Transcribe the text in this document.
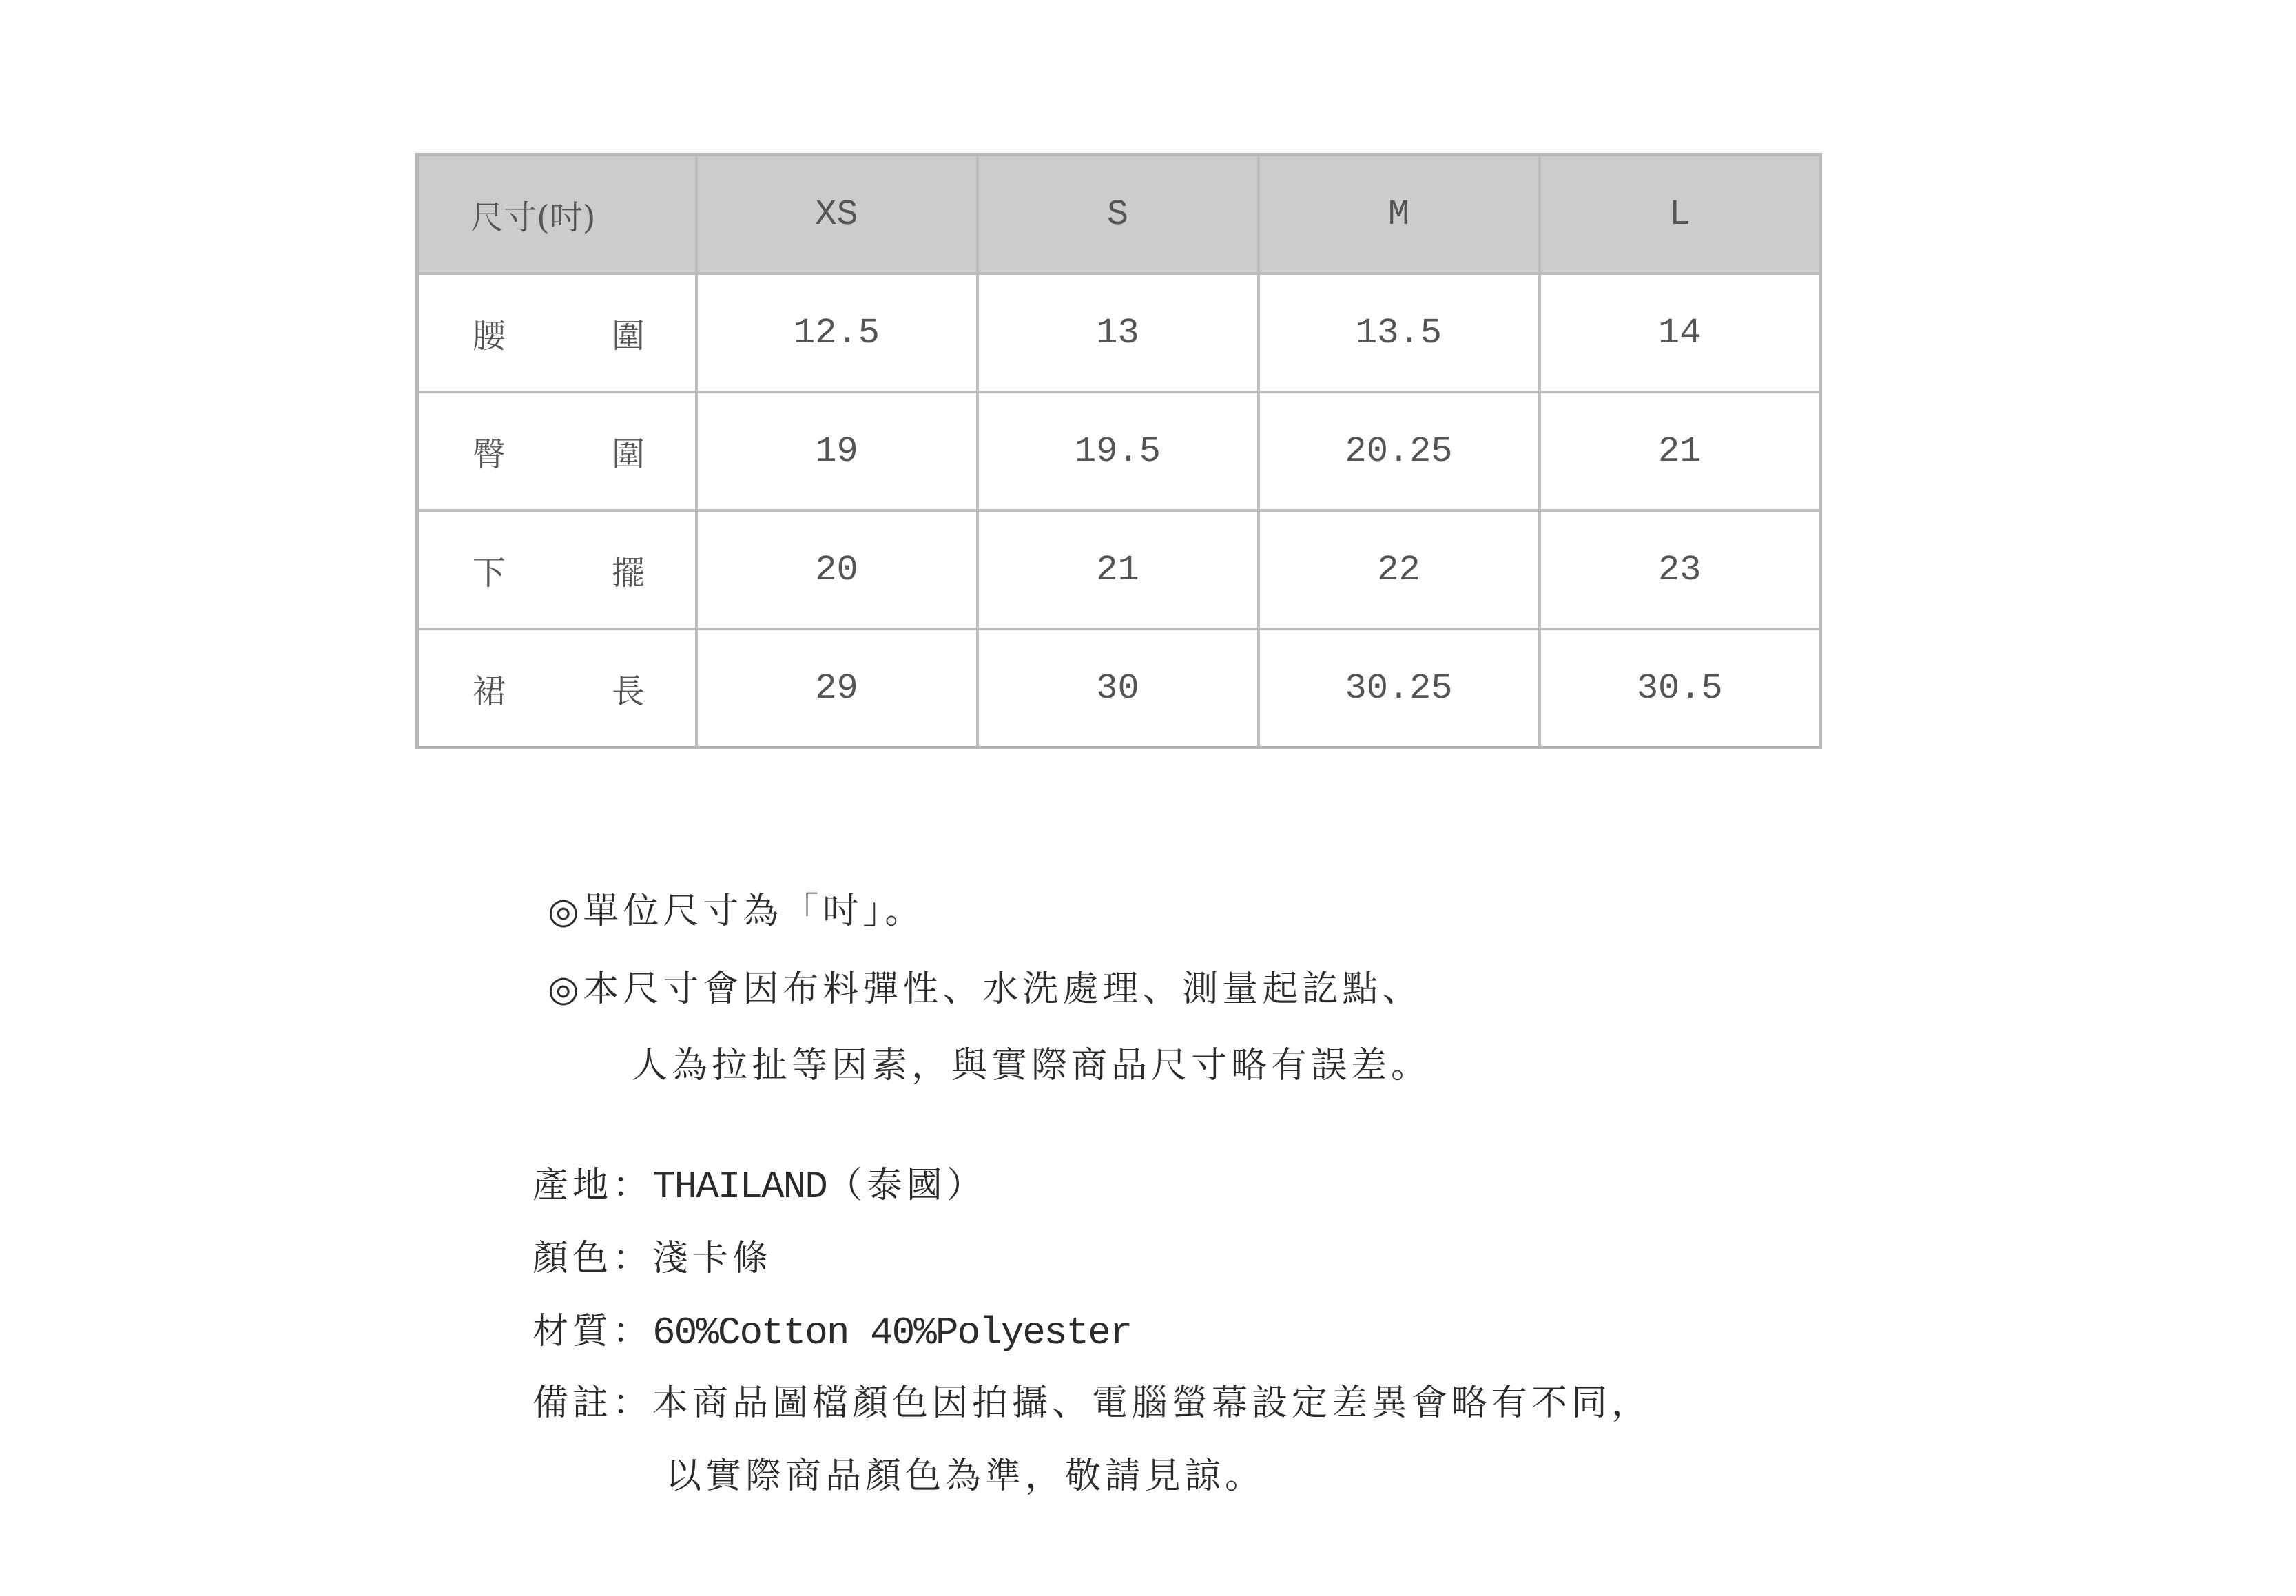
尺寸(吋)	XS	S	M	L

腰 圍	12.5	13	13.5	14

臀 圍	19	19.5	20.25	21

下 擺	20	21	22	23

裙 長	29	30	30.25	30.5
◎單位尺寸為「吋」。
◎本尺寸會因布料彈性、水洗處理、測量起訖點、
人為拉扯等因素，與實際商品尺寸略有誤差。
產地：THAILAND（泰國）
顏色：淺卡條
材質：60%Cotton 40%Polyester
備註：本商品圖檔顏色因拍攝、電腦螢幕設定差異會略有不同，
以實際商品顏色為準，敬請見諒。
